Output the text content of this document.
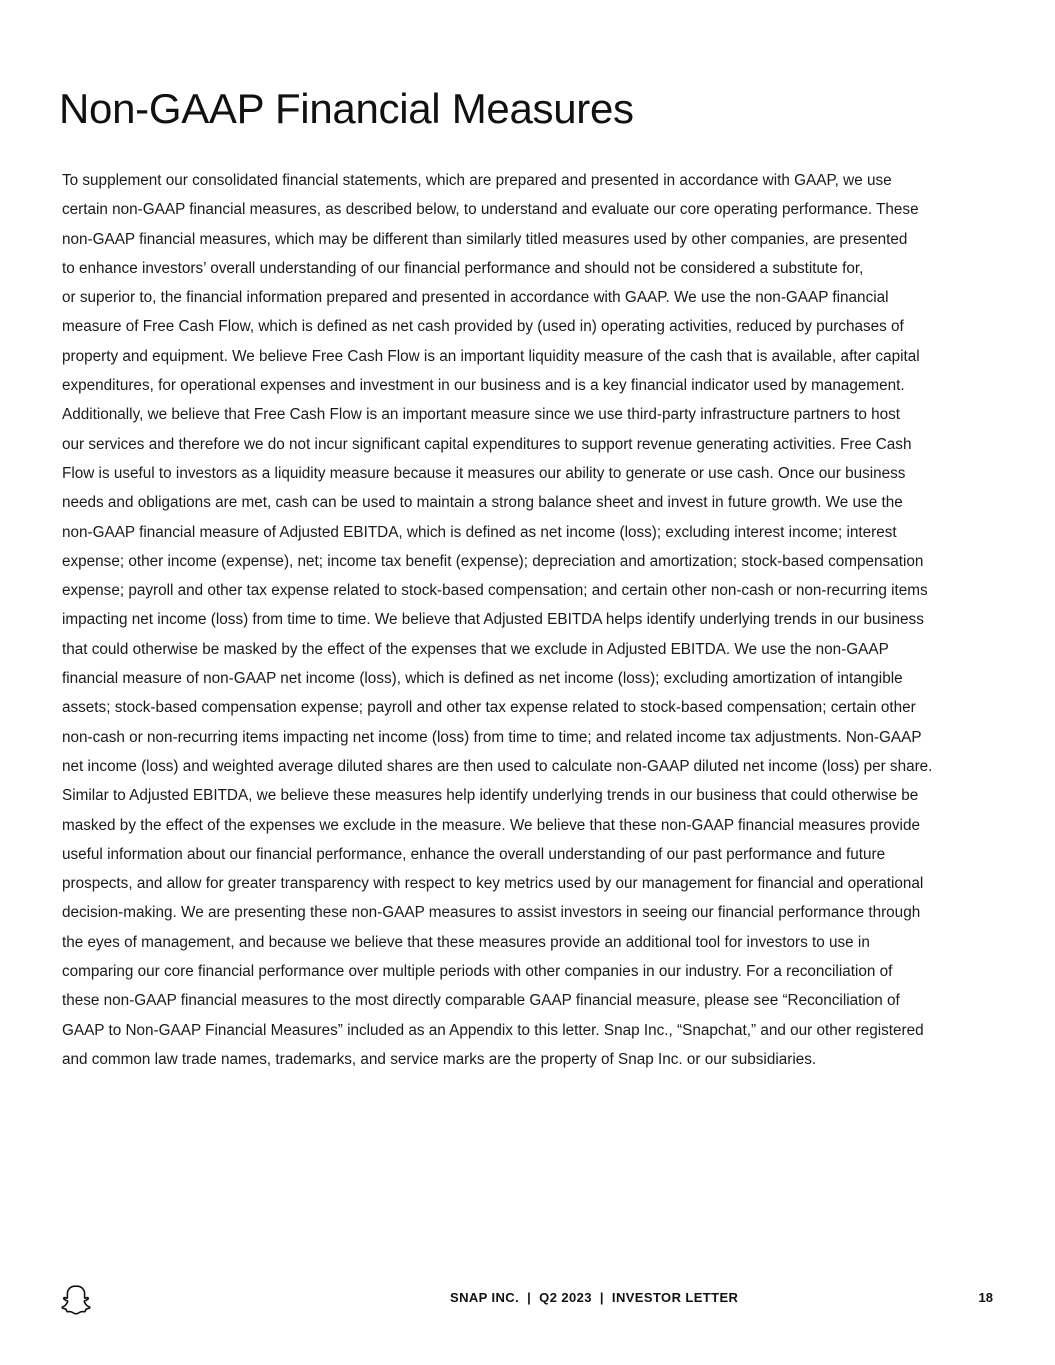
Non-GAAP Financial Measures
To supplement our consolidated financial statements, which are prepared and presented in accordance with GAAP, we use
certain non-GAAP financial measures, as described below, to understand and evaluate our core operating performance. These
non-GAAP financial measures, which may be different than similarly titled measures used by other companies, are presented
to enhance investors’ overall understanding of our financial performance and should not be considered a substitute for,
or superior to, the financial information prepared and presented in accordance with GAAP. We use the non-GAAP financial
measure of Free Cash Flow, which is defined as net cash provided by (used in) operating activities, reduced by purchases of
property and equipment. We believe Free Cash Flow is an important liquidity measure of the cash that is available, after capital
expenditures, for operational expenses and investment in our business and is a key financial indicator used by management.
Additionally, we believe that Free Cash Flow is an important measure since we use third-party infrastructure partners to host
our services and therefore we do not incur significant capital expenditures to support revenue generating activities. Free Cash
Flow is useful to investors as a liquidity measure because it measures our ability to generate or use cash. Once our business
needs and obligations are met, cash can be used to maintain a strong balance sheet and invest in future growth. We use the
non-GAAP financial measure of Adjusted EBITDA, which is defined as net income (loss); excluding interest income; interest
expense; other income (expense), net; income tax benefit (expense); depreciation and amortization; stock-based compensation
expense; payroll and other tax expense related to stock-based compensation; and certain other non-cash or non-recurring items
impacting net income (loss) from time to time. We believe that Adjusted EBITDA helps identify underlying trends in our business
that could otherwise be masked by the effect of the expenses that we exclude in Adjusted EBITDA. We use the non-GAAP
financial measure of non-GAAP net income (loss), which is defined as net income (loss); excluding amortization of intangible
assets; stock-based compensation expense; payroll and other tax expense related to stock-based compensation; certain other
non-cash or non-recurring items impacting net income (loss) from time to time; and related income tax adjustments. Non-GAAP
net income (loss) and weighted average diluted shares are then used to calculate non-GAAP diluted net income (loss) per share.
Similar to Adjusted EBITDA, we believe these measures help identify underlying trends in our business that could otherwise be
masked by the effect of the expenses we exclude in the measure. We believe that these non-GAAP financial measures provide
useful information about our financial performance, enhance the overall understanding of our past performance and future
prospects, and allow for greater transparency with respect to key metrics used by our management for financial and operational
decision-making. We are presenting these non-GAAP measures to assist investors in seeing our financial performance through
the eyes of management, and because we believe that these measures provide an additional tool for investors to use in
comparing our core financial performance over multiple periods with other companies in our industry. For a reconciliation of
these non-GAAP financial measures to the most directly comparable GAAP financial measure, please see “Reconciliation of
GAAP to Non-GAAP Financial Measures” included as an Appendix to this letter. Snap Inc., “Snapchat,” and our other registered
and common law trade names, trademarks, and service marks are the property of Snap Inc. or our subsidiaries.
SNAP INC.  |  Q2 2023  |  INVESTOR LETTER	18
